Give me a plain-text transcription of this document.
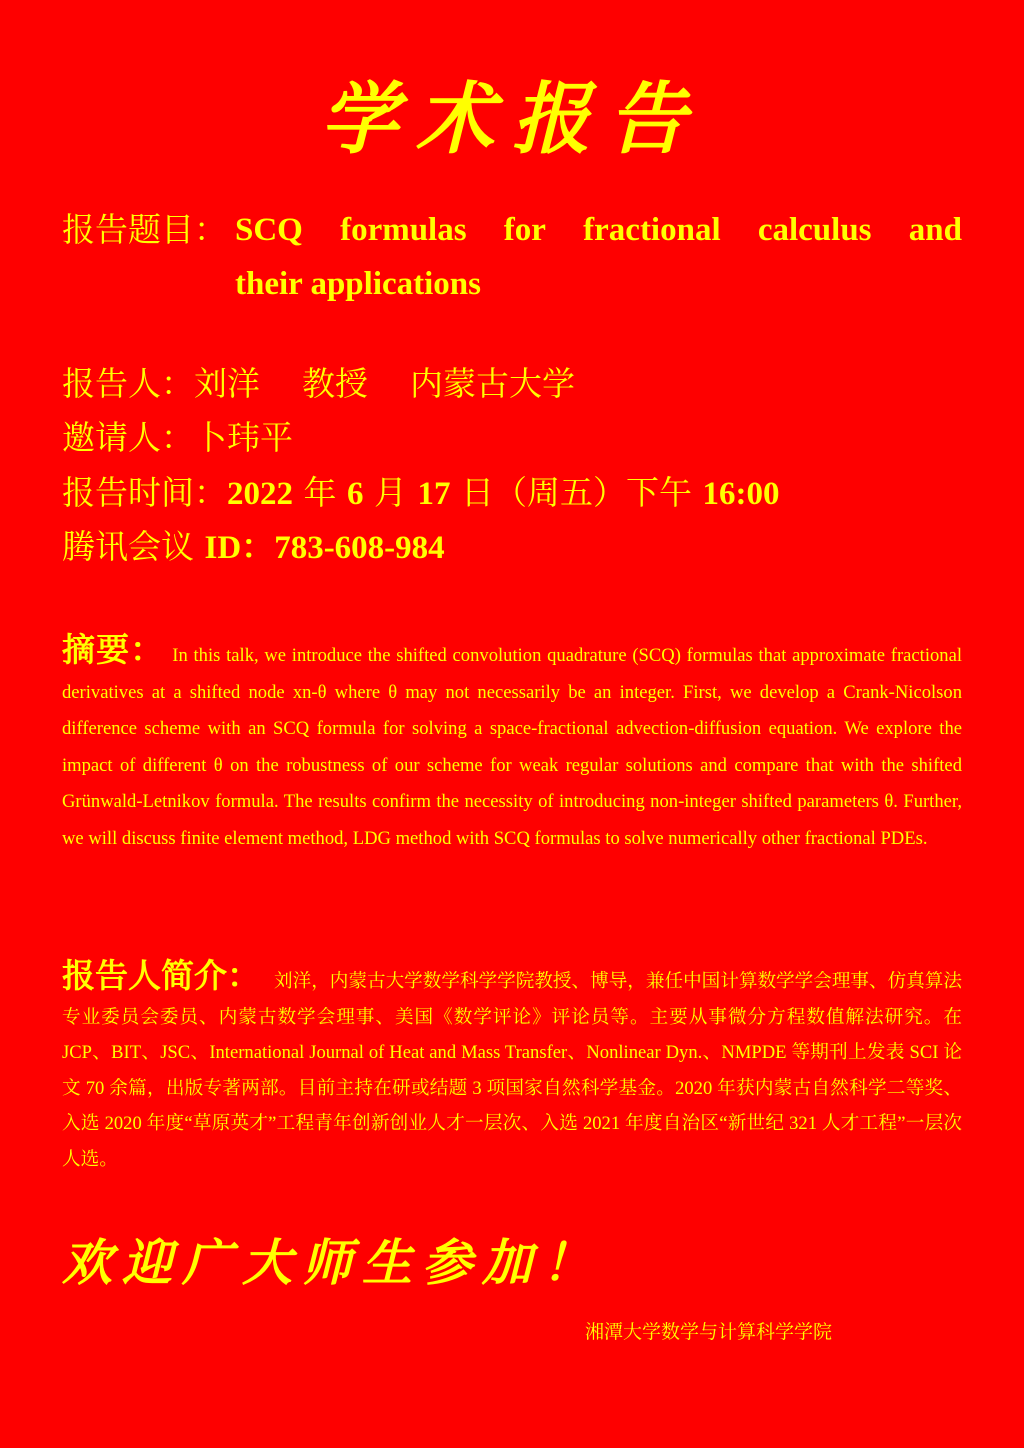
学术报告
报告题目： SCQ formulas for fractional calculus and
their applications
报告人：刘洋 教授 内蒙古大学
邀请人：卜玮平
报告时间：2022 年 6 月 17 日（周五）下午 16:00
腾讯会议 ID：783-608-984
摘要： In this talk, we introduce the shifted convolution quadrature (SCQ) formulas that approximate fractional derivatives at a shifted node xn-θ where θ may not necessarily be an integer. First, we develop a Crank-Nicolson difference scheme with an SCQ formula for solving a space-fractional advection-diffusion equation. We explore the impact of different θ on the robustness of our scheme for weak regular solutions and compare that with the shifted Grünwald-Letnikov formula. The results confirm the necessity of introducing non-integer shifted parameters θ. Further, we will discuss finite element method, LDG method with SCQ formulas to solve numerically other fractional PDEs.
报告人简介： 刘洋，内蒙古大学数学科学学院教授、博导，兼任中国计算数学学会理事、仿真算法专业委员会委员、内蒙古数学会理事、美国《数学评论》评论员等。主要从事微分方程数值解法研究。在 JCP、BIT、JSC、International Journal of Heat and Mass Transfer、Nonlinear Dyn.、NMPDE 等期刊上发表 SCI 论文 70 余篇，出版专著两部。目前主持在研或结题 3 项国家自然科学基金。2020 年获内蒙古自然科学二等奖、入选 2020 年度“草原英才”工程青年创新创业人才一层次、入选 2021 年度自治区“新世纪 321 人才工程”一层次人选。
欢迎广大师生参加！
湘潭大学数学与计算科学学院
